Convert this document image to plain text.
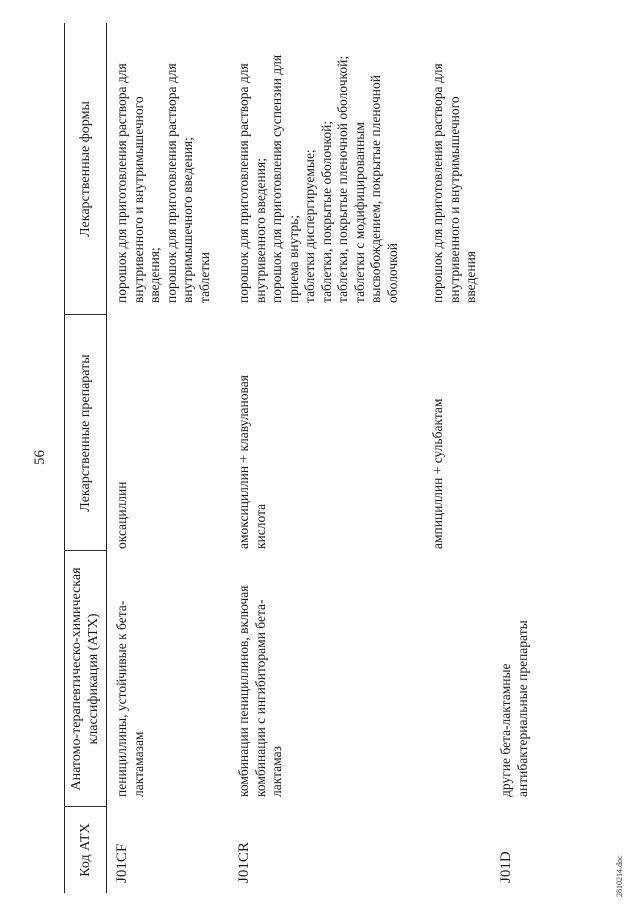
56
Код АТХ
Анатомо-терапевтическо-химическая классификация (АТХ)
Лекарственные препараты
Лекарственные формы
J01CF
пенициллины, устойчивые к бета- лактамазам
оксациллин
порошок для приготовления раствора для внутривенного и внутримышечного введения; порошок для приготовления раствора для внутримышечного введения; таблетки
J01CR
комбинации пенициллинов, включая комбинации с ингибиторами бета- лактамаз
амоксициллин + клавулановая кислота
порошок для приготовления раствора для внутривенного введения; порошок для приготовления суспензии для приема внутрь; таблетки диспергируемые; таблетки, покрытые оболочкой; таблетки, покрытые пленочной оболочкой; таблетки с модифицированным высвобождением, покрытые пленочной оболочкой
ампициллин + сульбактам
порошок для приготовления раствора для внутривенного и внутримышечного введения
J01D
другие бета-лактамные антибактериальные препараты
2810214.doc
